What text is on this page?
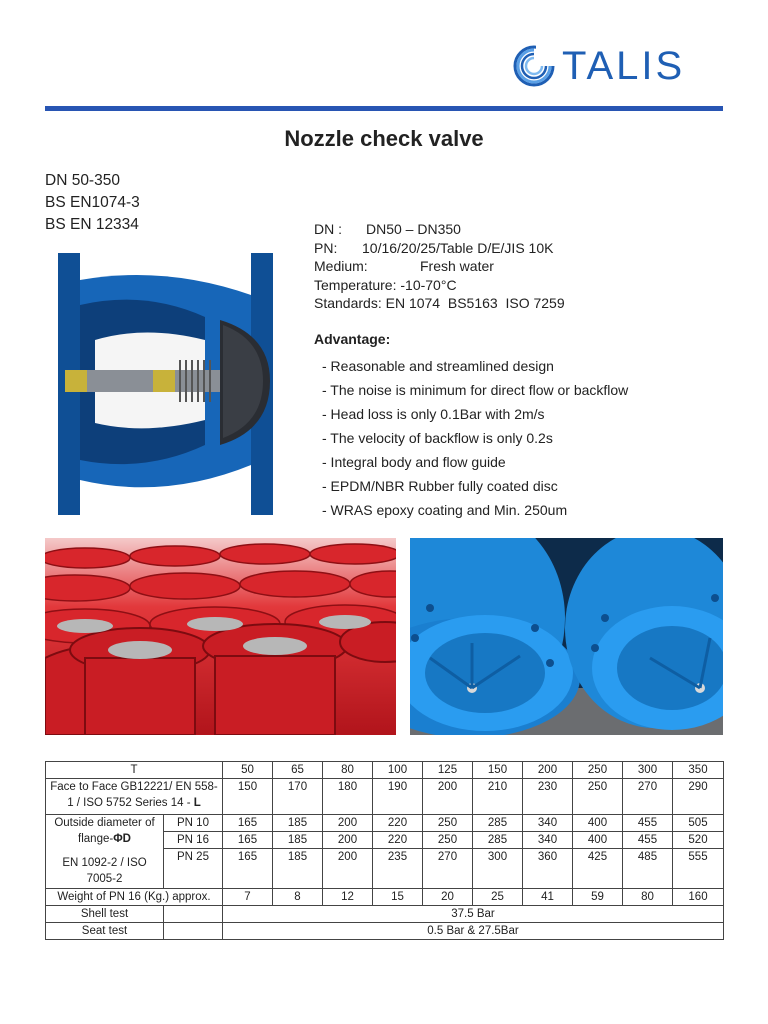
TALIS
Nozzle check valve
DN 50-350
BS EN1074-3
BS EN 12334	DN : DN50 – DN350
PN: 10/16/20/25/Table D/E/JIS 10K
Medium:	Fresh water
Temperature: -10-70°C
Standards: EN 1074  BS5163  ISO 7259
Advantage:
- Reasonable and streamlined design
- The noise is minimum for direct flow or backflow
- Head loss is only 0.1Bar with 2m/s
- The velocity of backflow is only 0.2s
- Integral body and flow guide
- EPDM/NBR Rubber fully coated disc
- WRAS epoxy coating and Min. 250um
T		50	65	80	100	125	150	200	250	300	350
Face to Face GB12221/ EN 558-1 / ISO 5752 Series 14 - L		150	170	180	190	200	210	230	250	270	290

Outside diameter of flange-ΦD
EN 1092-2 / ISO 7005-2	PN 10	165	185	200	220	250	285	340	400	455	505
	PN 16	165	185	200	220	250	285	340	400	455	520
	PN 25	165	185	200	235	270	300	360	425	485	555
Weight of PN 16 (Kg.) approx.		7	8	12	15	20	25	41	59	80	160
Shell test		37.5 Bar									
Seat test		0.5 Bar & 27.5Bar									
